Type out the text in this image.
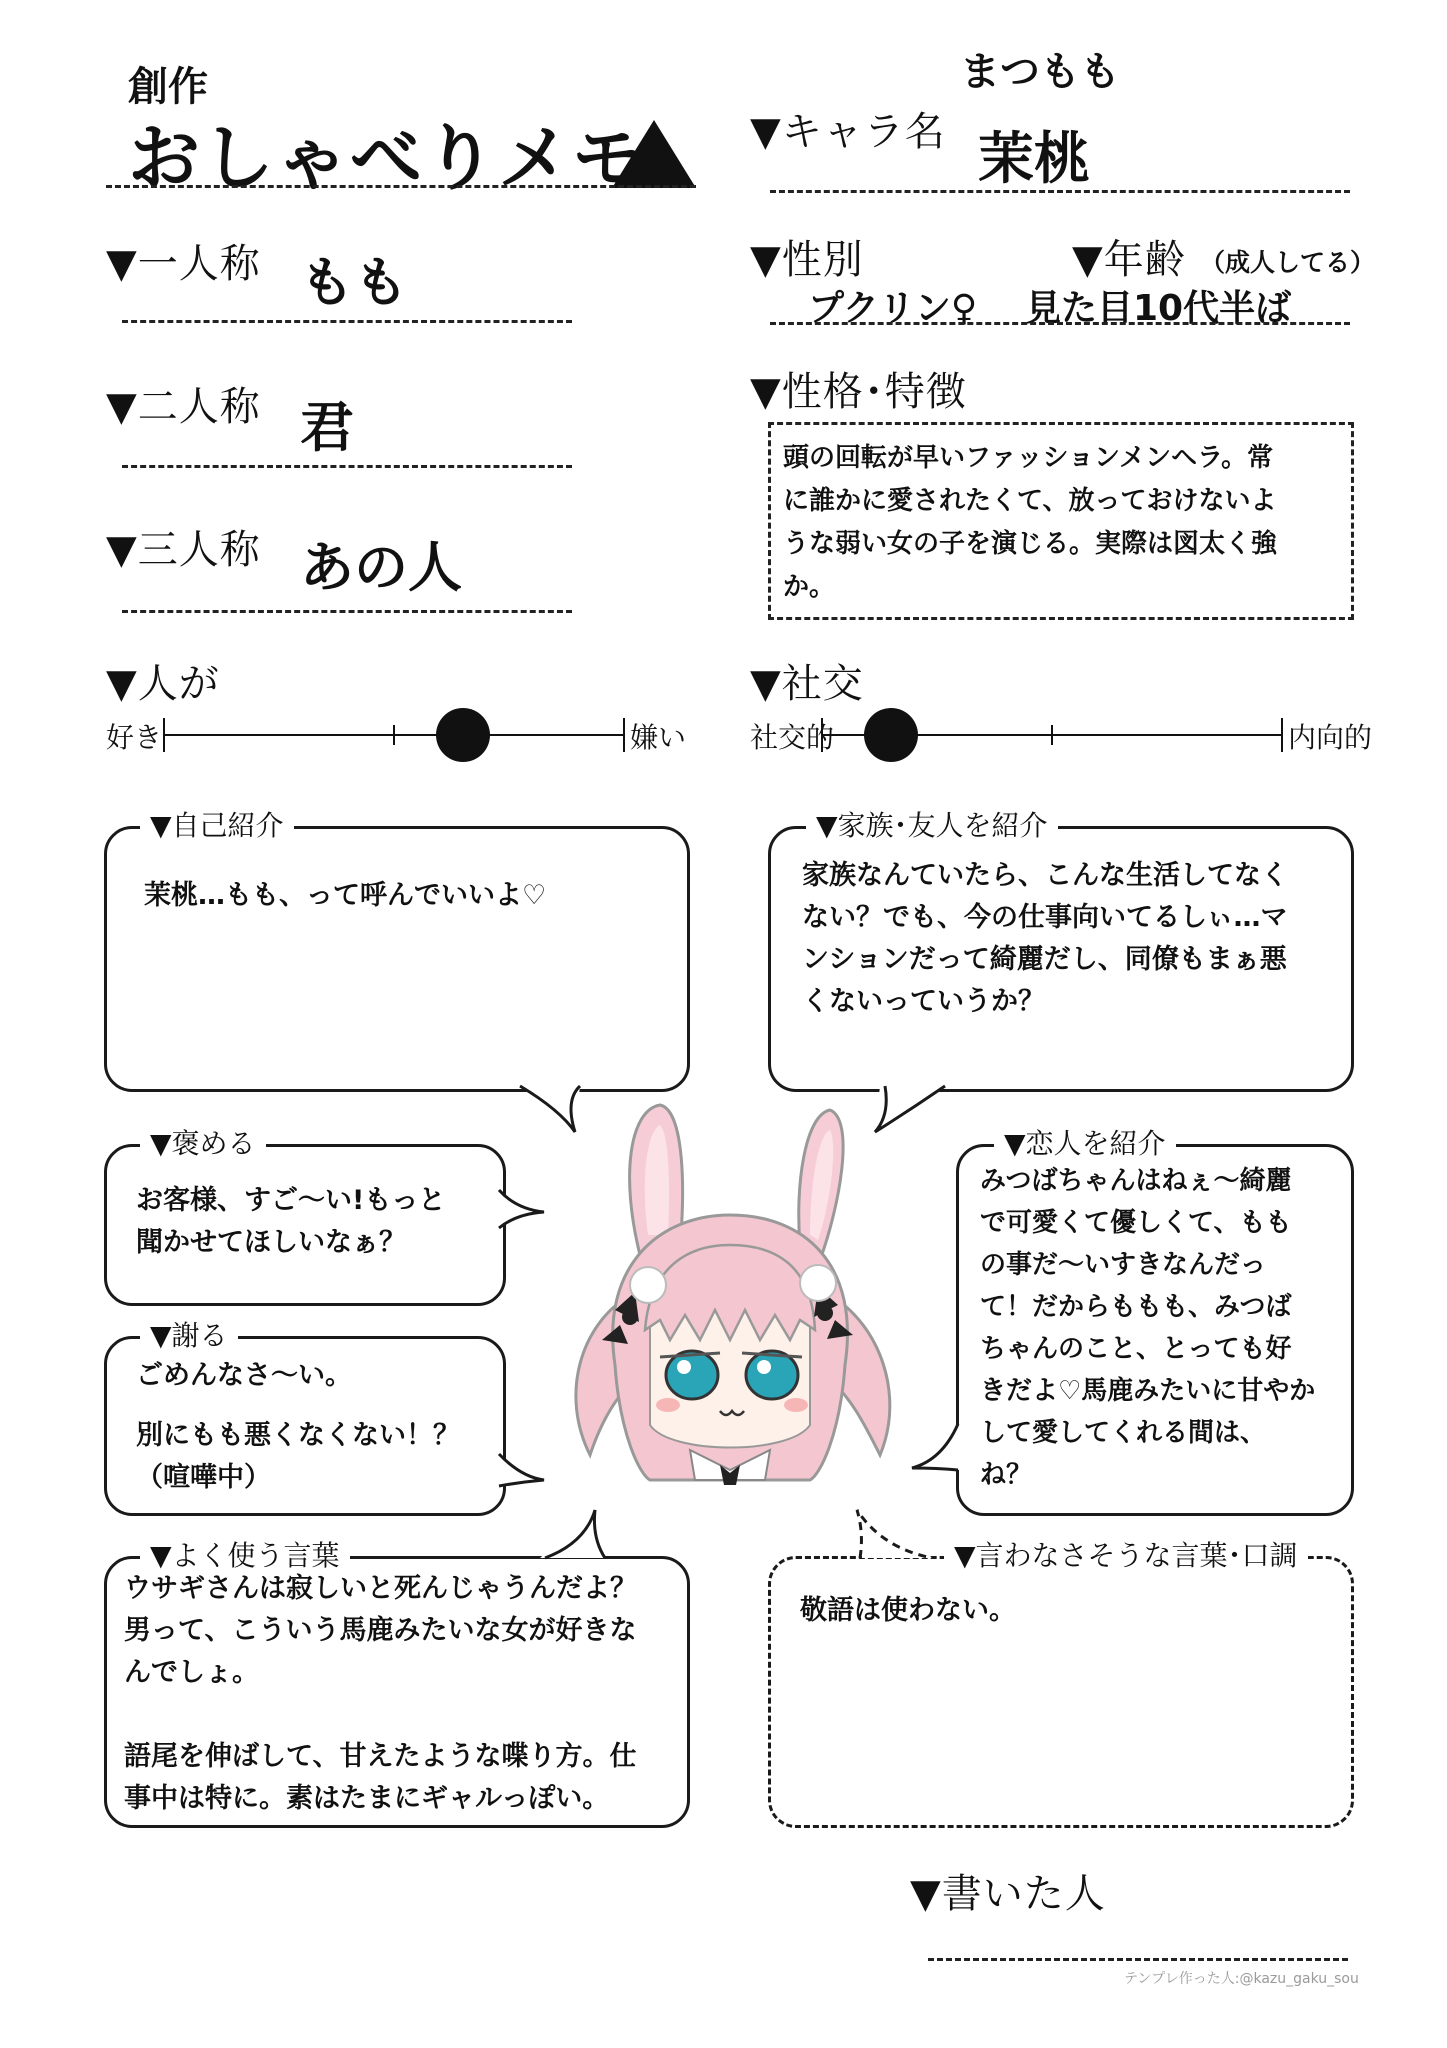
創作
おしゃべりメモ
まつもも
▼キャラ名 茉桃
▼一人称 もも
▼二人称 君
▼三人称 あの人
▼性別	▼年齢 （成人してる）
プクリン♀ 見た目10代半ば
▼性格･特徴
頭の回転が早いファッションメンヘラ。常
に誰かに愛されたくて、放っておけないよ
うな弱い女の子を演じる。実際は図太く強
か。
▼人が
好き	嫌い
▼社交
社交的	内向的
▼自己紹介
茉桃…もも、って呼んでいいよ♡
▼家族･友人を紹介
家族なんていたら、こんな生活してなく
ない？でも、今の仕事向いてるしぃ…マ
ンションだって綺麗だし、同僚もまぁ悪
くないっていうか？
▼褒める
お客様、すご〜い!もっと
聞かせてほしいなぁ？
▼謝る
ごめんなさ〜い。
別にもも悪くなくない！？
（喧嘩中）
▼恋人を紹介
みつばちゃんはねぇ〜綺麗
で可愛くて優しくて、もも
の事だ〜いすきなんだっ
て！だからももも、みつば
ちゃんのこと、とっても好
きだよ♡馬鹿みたいに甘やか
して愛してくれる間は、
ね？
▼よく使う言葉
ウサギさんは寂しいと死んじゃうんだよ？
男って、こういう馬鹿みたいな女が好きな
んでしょ。

語尾を伸ばして、甘えたような喋り方。仕
事中は特に。素はたまにギャルっぽい。
▼言わなさそうな言葉･口調
敬語は使わない。
▼書いた人
テンプレ作った人:@kazu_gaku_sou
